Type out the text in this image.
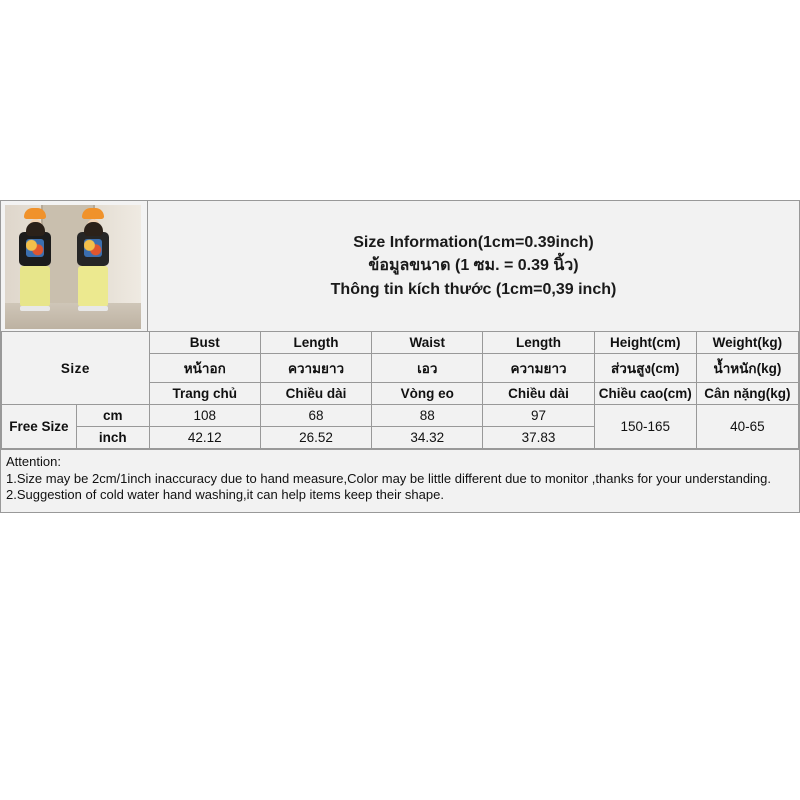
Size Information(1cm=0.39inch)
ข้อมูลขนาด (1 ซม. = 0.39 นิ้ว)
Thông tin kích thước (1cm=0,39 inch)
Size		Bust	Length	Waist	Length	Height(cm)	Weight(kg)
		หน้าอก	ความยาว	เอว	ความยาว	ส่วนสูง(cm)	น้ำหนัก(kg)
		Trang chủ	Chiều dài	Vòng eo	Chiều dài	Chiều cao(cm)	Cân nặng(kg)
Free Size	cm	108	68	88	97	150-165	40-65
	inch	42.12	26.52	34.32	37.83		

Attention:

1.Size may be 2cm/1inch inaccuracy due to hand measure,Color may be little different due to monitor ,thanks for your understanding.

2.Suggestion of cold water hand washing,it can help items keep their shape.
